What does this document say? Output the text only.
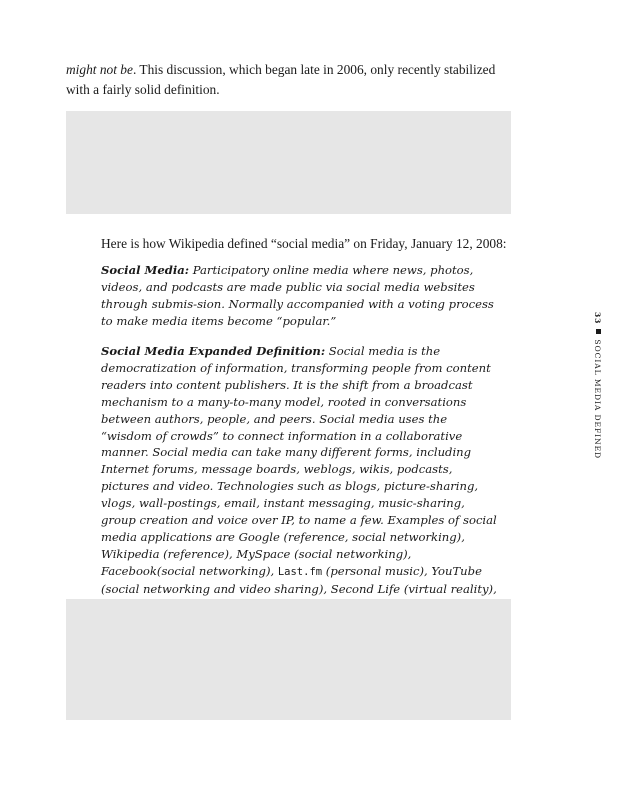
might not be. This discussion, which began late in 2006, only recently stabilized with a fairly solid definition.

Here is how Wikipedia defined “social media” on Friday, January 12, 2008:

Social Media: Participatory online media where news, photos, videos, and podcasts are made public via social media websites through submis-sion. Normally accompanied with a voting process to make media items become “popular.”

Social Media Expanded Definition: Social media is the democratization of information, transforming people from content readers into content publishers. It is the shift from a broadcast mechanism to a many-to-many model, rooted in conversations between authors, people, and peers. Social media uses the “wisdom of crowds” to connect information in a collaborative manner. Social media can take many different forms, including Internet forums, message boards, weblogs, wikis, podcasts, pictures and video. Technologies such as blogs, picture-sharing, vlogs, wall-postings, email, instant messaging, music-sharing, group creation and voice over IP, to name a few. Examples of social media applications are Google (reference, social networking), Wikipedia (reference), MySpace (social networking), Facebook(social networking), Last.fm (personal music), YouTube (social networking and video sharing), Second Life (virtual reality),

33SOCIAL MEDIA DEFINED
